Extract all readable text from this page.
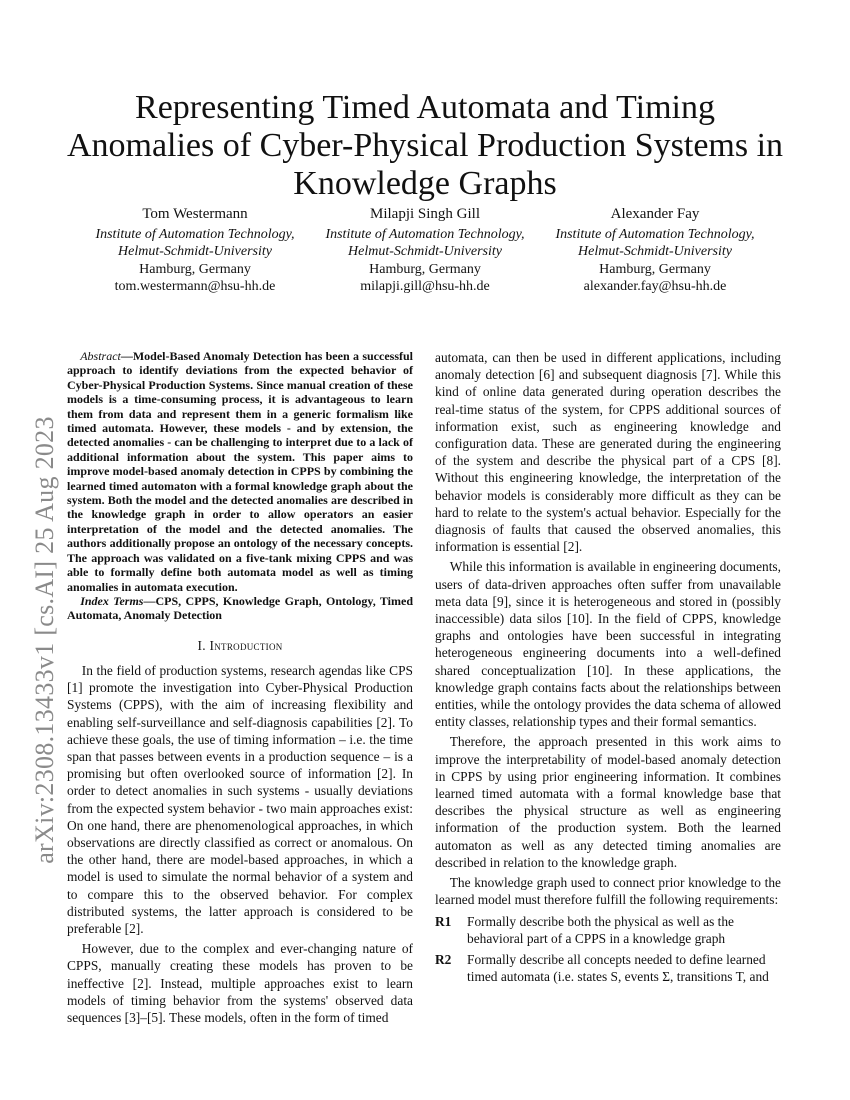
arXiv:2308.13433v1 [cs.AI] 25 Aug 2023
Representing Timed Automata and Timing Anomalies of Cyber-Physical Production Systems in Knowledge Graphs
Tom Westermann
Institute of Automation Technology,
Helmut-Schmidt-University
Hamburg, Germany
tom.westermann@hsu-hh.de
Milapji Singh Gill
Institute of Automation Technology,
Helmut-Schmidt-University
Hamburg, Germany
milapji.gill@hsu-hh.de
Alexander Fay
Institute of Automation Technology,
Helmut-Schmidt-University
Hamburg, Germany
alexander.fay@hsu-hh.de

Abstract—Model-Based Anomaly Detection has been a successful approach to identify deviations from the expected behavior of Cyber-Physical Production Systems. Since manual creation of these models is a time-consuming process, it is advantageous to learn them from data and represent them in a generic formalism like timed automata. However, these models - and by extension, the detected anomalies - can be challenging to interpret due to a lack of additional information about the system. This paper aims to improve model-based anomaly detection in CPPS by combining the learned timed automaton with a formal knowledge graph about the system. Both the model and the detected anomalies are described in the knowledge graph in order to allow operators an easier interpretation of the model and the detected anomalies. The authors additionally propose an ontology of the necessary concepts. The approach was validated on a five-tank mixing CPPS and was able to formally define both automata model as well as timing anomalies in automata execution.

Index Terms—CPS, CPPS, Knowledge Graph, Ontology, Timed Automata, Anomaly Detection

I. Introduction

In the field of production systems, research agendas like CPS [1] promote the investigation into Cyber-Physical Production Systems (CPPS), with the aim of increasing flexibility and enabling self-surveillance and self-diagnosis capabilities [2]. To achieve these goals, the use of timing information – i.e. the time span that passes between events in a production sequence – is a promising but often overlooked source of information [2]. In order to detect anomalies in such systems - usually deviations from the expected system behavior - two main approaches exist: On one hand, there are phenomenological approaches, in which observations are directly classified as correct or anomalous. On the other hand, there are model-based approaches, in which a model is used to simulate the normal behavior of a system and to compare this to the observed behavior. For complex distributed systems, the latter approach is considered to be preferable [2].

However, due to the complex and ever-changing nature of CPPS, manually creating these models has proven to be ineffective [2]. Instead, multiple approaches exist to learn models of timing behavior from the systems' observed data sequences [3]–[5]. These models, often in the form of timed

automata, can then be used in different applications, including anomaly detection [6] and subsequent diagnosis [7]. While this kind of online data generated during operation describes the real-time status of the system, for CPPS additional sources of information exist, such as engineering knowledge and configuration data. These are generated during the engineering of the system and describe the physical part of a CPS [8]. Without this engineering knowledge, the interpretation of the behavior models is considerably more difficult as they can be hard to relate to the system's actual behavior. Especially for the diagnosis of faults that caused the observed anomalies, this information is essential [2].

While this information is available in engineering documents, users of data-driven approaches often suffer from unavailable meta data [9], since it is heterogeneous and stored in (possibly inaccessible) data silos [10]. In the field of CPPS, knowledge graphs and ontologies have been successful in integrating heterogeneous engineering documents into a well-defined shared conceptualization [10]. In these applications, the knowledge graph contains facts about the relationships between entities, while the ontology provides the data schema of allowed entity classes, relationship types and their formal semantics.

Therefore, the approach presented in this work aims to improve the interpretability of model-based anomaly detection in CPPS by using prior engineering information. It combines learned timed automata with a formal knowledge base that describes the physical structure as well as engineering information of the production system. Both the learned automaton as well as any detected timing anomalies are described in relation to the knowledge graph.

The knowledge graph used to connect prior knowledge to the learned model must therefore fulfill the following requirements:

R1	Formally describe both the physical as well as the behavioral part of a CPPS in a knowledge graph
R2	Formally describe all concepts needed to define learned timed automata (i.e. states S, events Σ, transitions T, and
